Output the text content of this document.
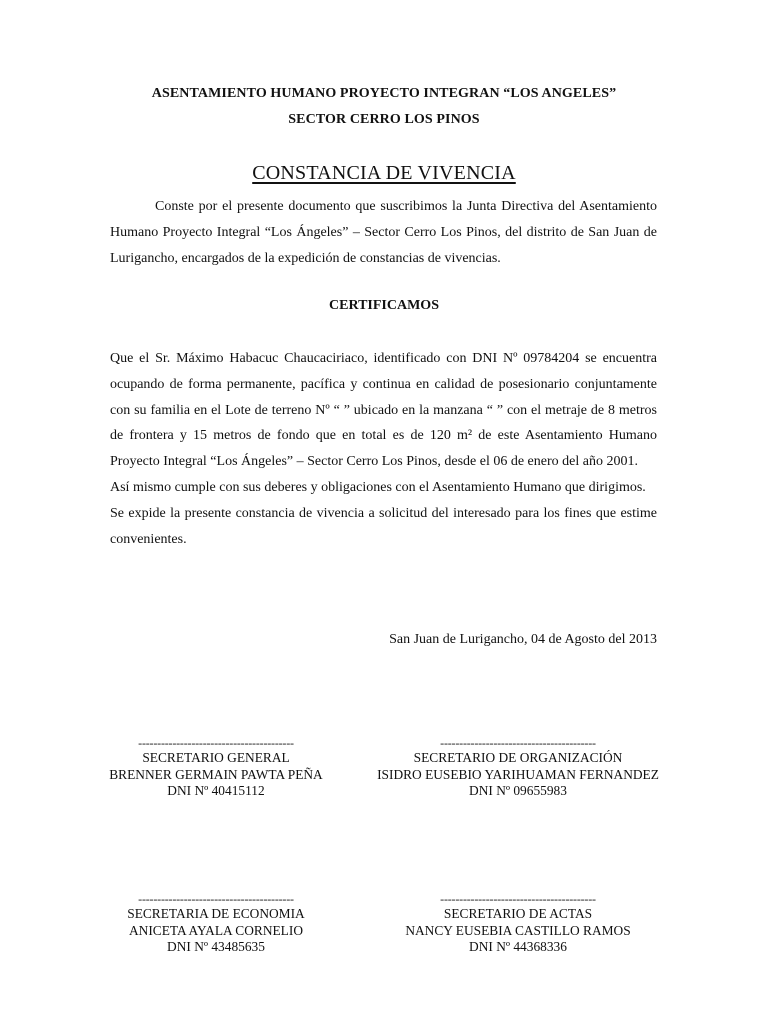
ASENTAMIENTO HUMANO PROYECTO INTEGRAN “LOS ANGELES”
SECTOR CERRO LOS PINOS
CONSTANCIA DE VIVENCIA
Conste por el presente documento que suscribimos la Junta Directiva del Asentamiento Humano Proyecto Integral “Los Ángeles” – Sector Cerro Los Pinos, del distrito de San Juan de Lurigancho, encargados de la expedición de constancias de vivencias.
CERTIFICAMOS

Que el Sr. Máximo Habacuc Chaucaciriaco, identificado con DNI Nº 09784204 se encuentra ocupando de forma permanente, pacífica y continua en calidad de posesionario conjuntamente con su familia en el Lote de terreno Nº “ ” ubicado en la manzana “ ” con el metraje de 8 metros de frontera y 15 metros de fondo que en total es de 120 m² de este Asentamiento Humano Proyecto Integral “Los Ángeles” – Sector Cerro Los Pinos, desde el 06 de enero del año 2001.

Así mismo cumple con sus deberes y obligaciones con el Asentamiento Humano que dirigimos.

Se expide la presente constancia de vivencia a solicitud del interesado para los fines que estime convenientes.

San Juan de Lurigancho, 04 de Agosto del 2013
-----------------------------------------
SECRETARIO GENERAL
BRENNER GERMAIN PAWTA PEÑA
DNI Nº 40415112
-----------------------------------------
SECRETARIO DE ORGANIZACIÓN
ISIDRO EUSEBIO YARIHUAMAN FERNANDEZ
DNI Nº 09655983
-----------------------------------------
SECRETARIA DE ECONOMIA
ANICETA AYALA CORNELIO
DNI Nº 43485635
-----------------------------------------
SECRETARIO DE ACTAS
NANCY EUSEBIA CASTILLO RAMOS
DNI Nº 44368336
